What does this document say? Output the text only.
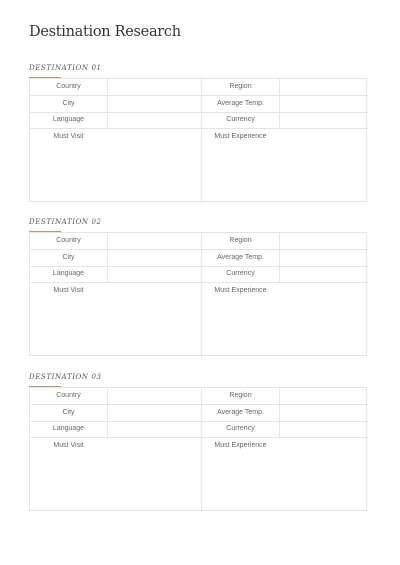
Destination Research
DESTINATION 01
Country	Region
City	Average Temp.
Language	Currency
Must Visit	Must Experience
DESTINATION 02
Country	Region
City	Average Temp.
Language	Currency
Must Visit	Must Experience
DESTINATION 03
Country	Region
City	Average Temp.
Language	Currency
Must Visit	Must Experience
